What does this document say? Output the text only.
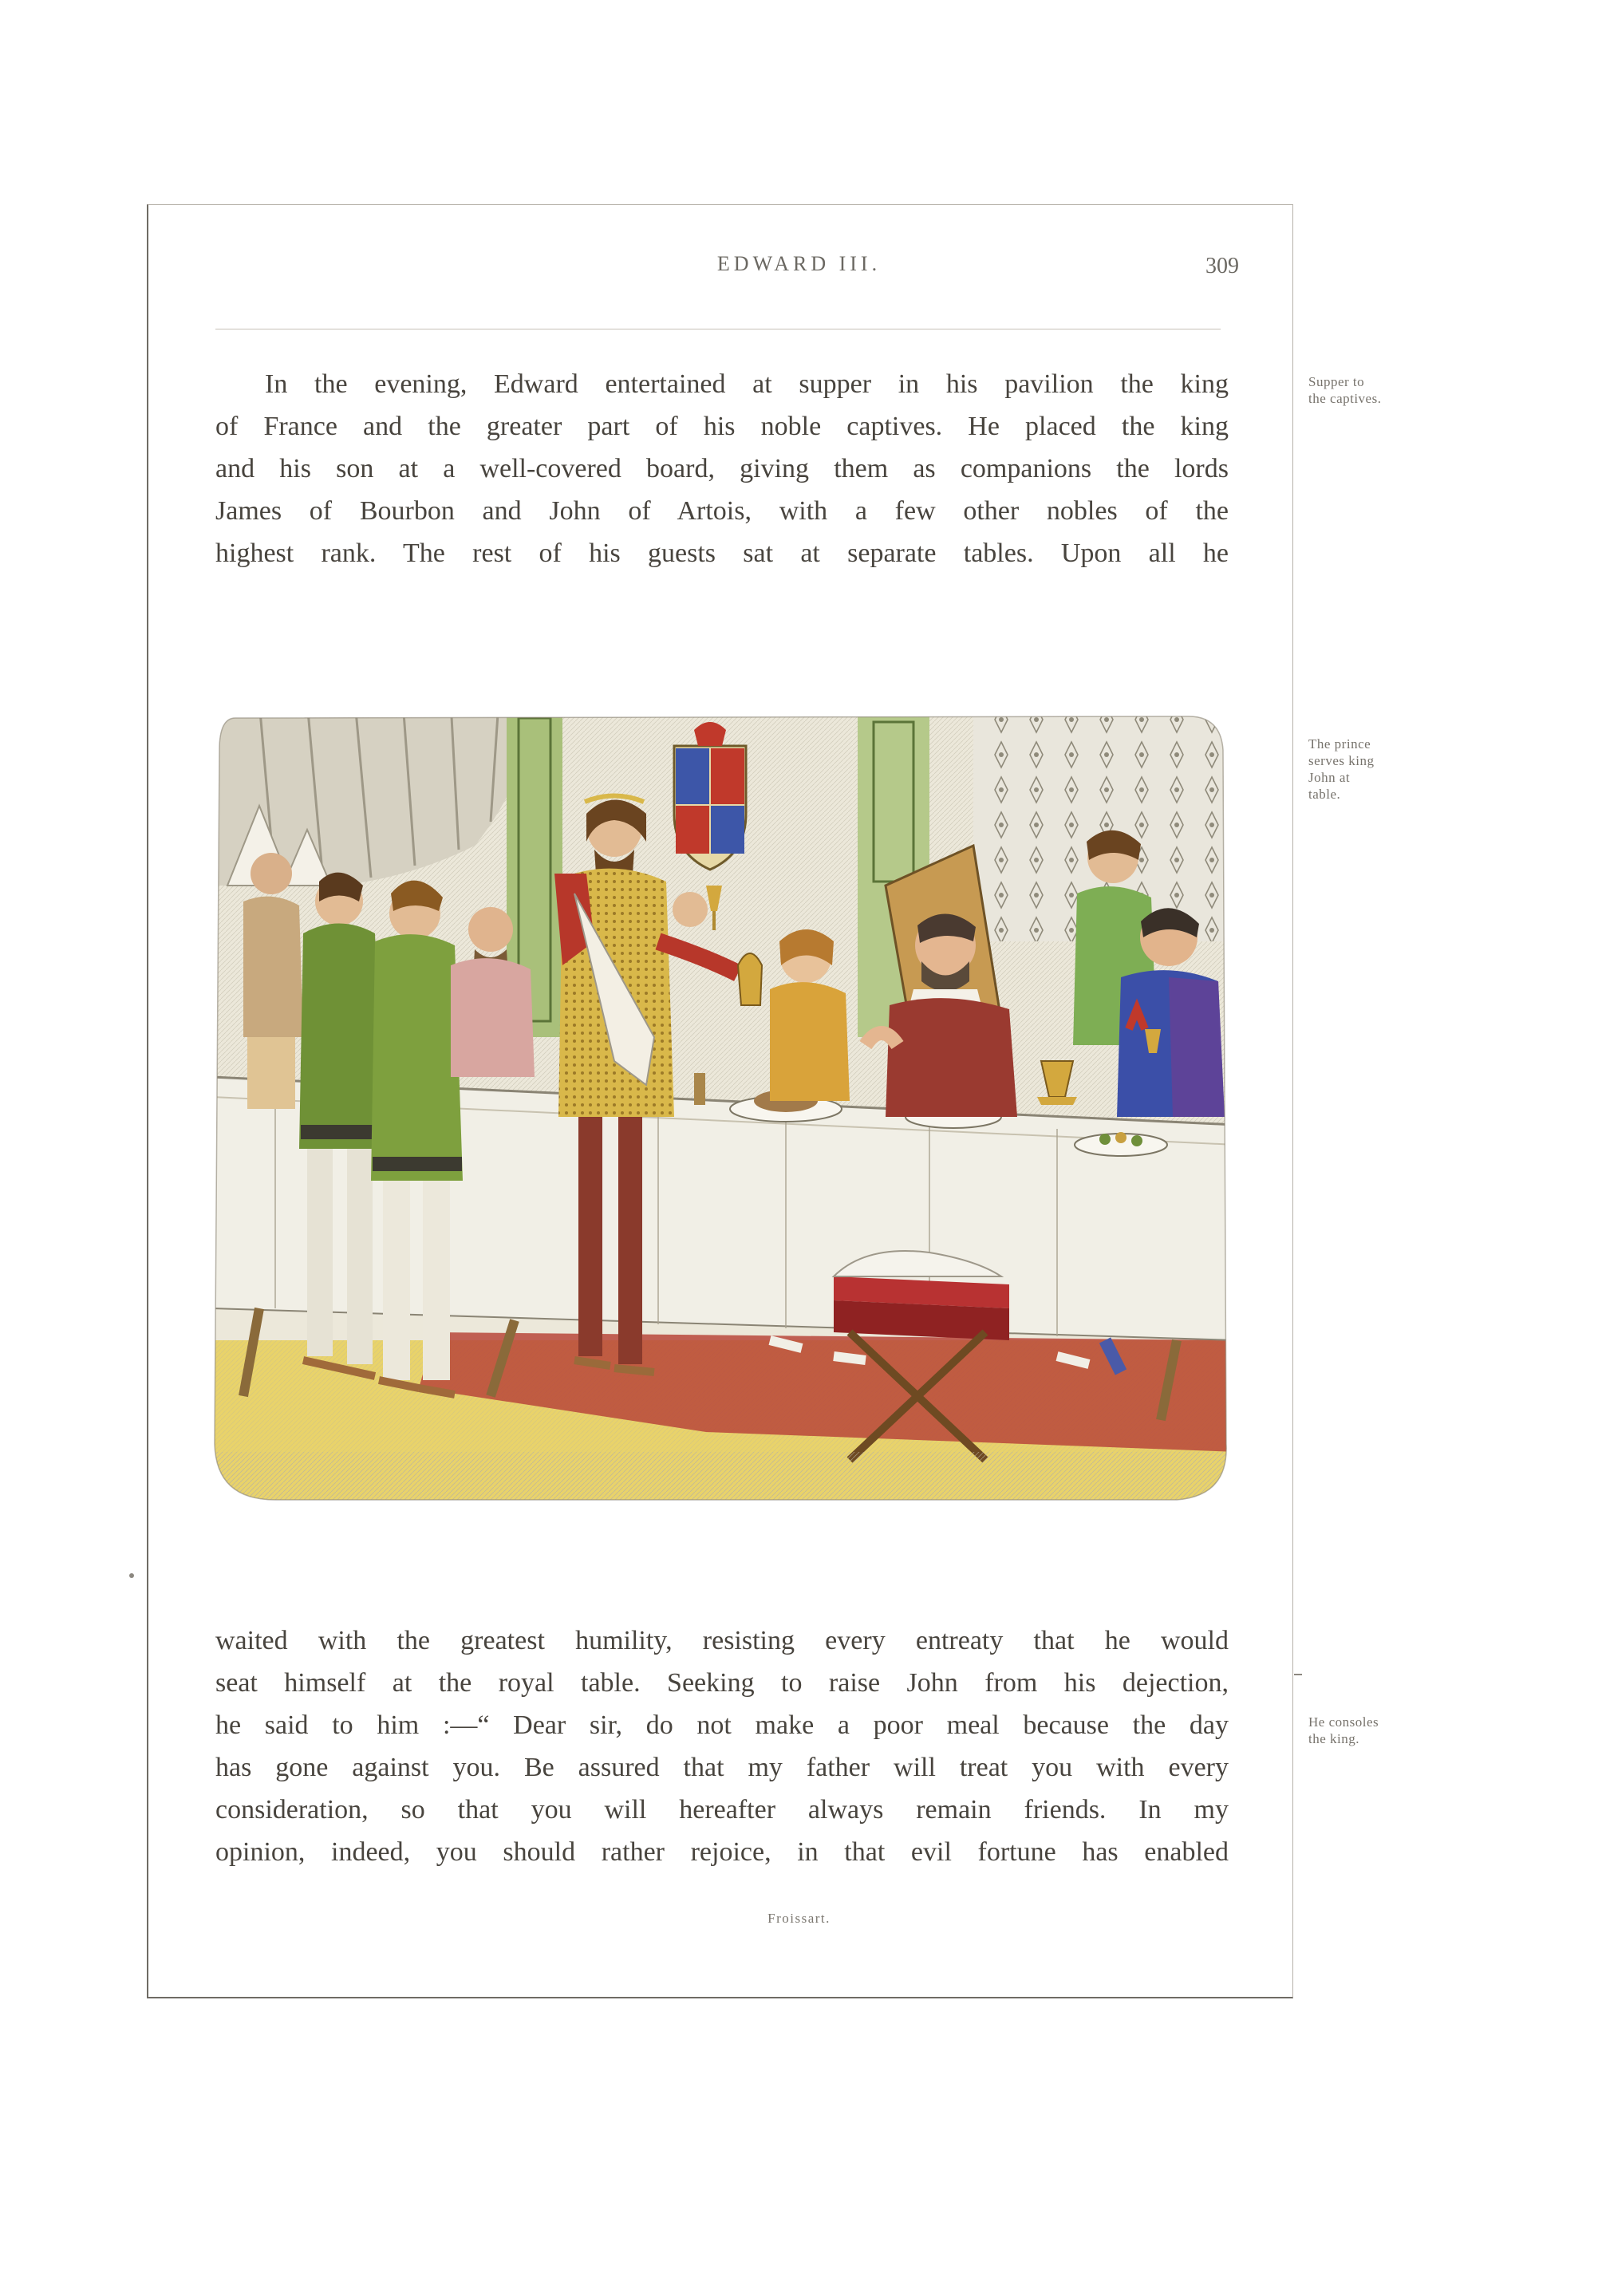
EDWARD III.	309
In the evening, Edward entertained at supper in his pavilion the king
of France and the greater part of his noble captives. He placed the king
and his son at a well-covered board, giving them as companions the lords
James of Bourbon and John of Artois, with a few other nobles of the
highest rank. The rest of his guests sat at separate tables. Upon all he
Supper to
the captives.
The prince
serves king
John at
table.
He consoles
the king.
waited with the greatest humility, resisting every entreaty that he would
seat himself at the royal table. Seeking to raise John from his dejection,
he said to him :—“ Dear sir, do not make a poor meal because the day
has gone against you. Be assured that my father will treat you with every
consideration, so that you will hereafter always remain friends. In my
opinion, indeed, you should rather rejoice, in that evil fortune has enabled
Froissart.
